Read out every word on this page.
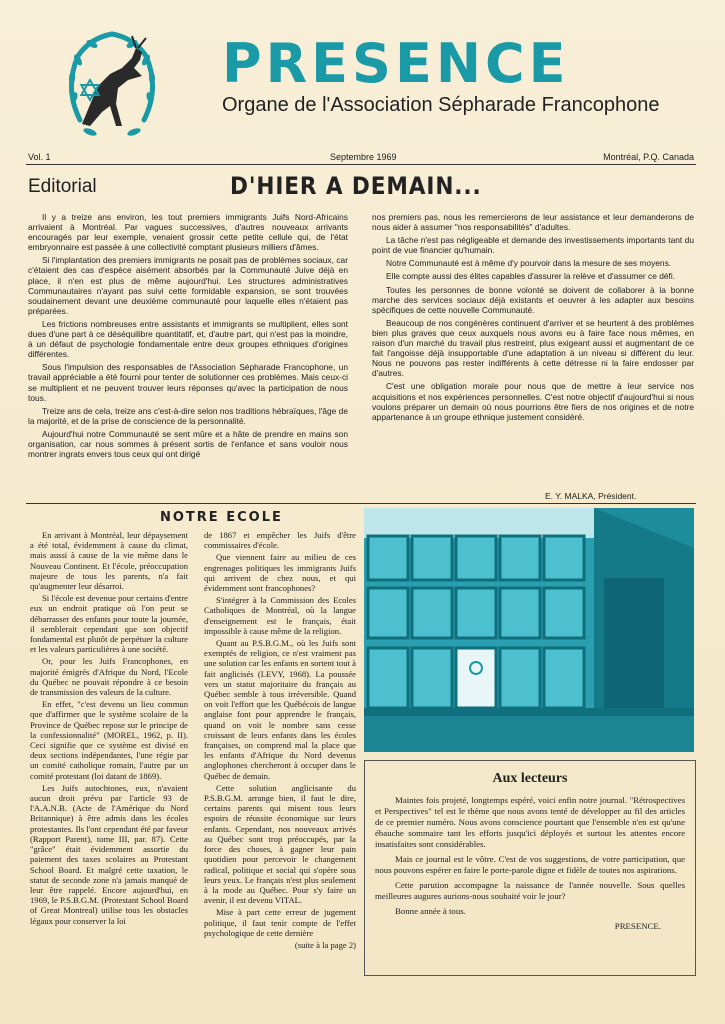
PRESENCE
Organe de l'Association Sépharade Francophone
Vol. 1	Septembre 1969	Montréal, P.Q. Canada
Editorial	D'HIER A DEMAIN...

Il y a treize ans environ, les tout premiers immigrants Juifs Nord-Africains arrivaient à Montréal. Par vagues successives, d'autres nouveaux arrivants encouragés par leur exemple, venaient grossir cette petite cellule qui, de l'état embryonnaire est passée à une collectivité comptant plusieurs milliers d'âmes.

Si l'implantation des premiers immigrants ne posait pas de problèmes sociaux, car c'étaient des cas d'espèce aisément absorbés par la Communauté Juive déjà en place, il n'en est plus de même aujourd'hui. Les structures administratives Communautaires n'ayant pas suivi cette formidable expansion, se sont trouvées soudainement devant une deuxième communauté pour laquelle elles n'étaient pas préparées.

Les frictions nombreuses entre assistants et immigrants se multiplient, elles sont dues d'une part à ce déséquilibre quantitatif, et, d'autre part, qui n'est pas la moindre, à un défaut de psychologie fondamentale entre deux groupes ethniques d'origines différentes.

Sous l'impulsion des responsables de l'Association Sépharade Francophone, un travail appréciable a été fourni pour tenter de solutionner ces problèmes. Mais ceux-ci se multiplient et ne peuvent trouver leurs réponses qu'avec la participation de nous tous.

Treize ans de cela, treize ans c'est-à-dire selon nos traditions hébraïques, l'âge de la majorité, et de la prise de conscience de la personnalité.

Aujourd'hui notre Communauté se sent mûre et a hâte de prendre en mains son organisation, car nous sommes à présent sortis de l'enfance et sans vouloir nous montrer ingrats envers tous ceux qui ont dirigé

nos premiers pas, nous les remercierons de leur assistance et leur demanderons de nous aider à assumer "nos responsabilités" d'adultes.

La tâche n'est pas négligeable et demande des investissements importants tant du point de vue financier qu'humain.

Notre Communauté est à même d'y pourvoir dans la mesure de ses moyens.

Elle compte aussi des élites capables d'assurer la relève et d'assumer ce défi.

Toutes les personnes de bonne volonté se doivent de collaborer à la bonne marche des services sociaux déjà existants et oeuvrer à les adapter aux besoins spécifiques de cette nouvelle Communauté.

Beaucoup de nos congénères continuent d'arriver et se heurtent à des problèmes bien plus graves que ceux auxquels nous avons eu à faire face nous mêmes, en raison d'un marché du travail plus restreint, plus exigeant aussi et augmentant de ce fait l'angoisse déjà insupportable d'une adaptation à un niveau si différent du leur. Nous ne pouvons pas rester indifférents à cette détresse ni la faire endosser par d'autres.

C'est une obligation morale pour nous que de mettre à leur service nos acquisitions et nos expériences personnelles. C'est notre objectif d'aujourd'hui si nous voulons préparer un demain où nous pourrions être fiers de nos origines et de notre appartenance à un groupe ethnique justement considéré.

E. Y. MALKA, Président.
NOTRE ECOLE

En arrivant à Montréal, leur dépaysement a été total, évidemment à cause du climat, mais aussi à cause de la vie même dans le Nouveau Continent. Et l'école, préoccupation majeure de tous les parents, n'a fait qu'augmenter leur désarroi.

Si l'école est devenue pour certains d'entre eux un endroit pratique où l'on peut se débarrasser des enfants pour toute la journée, il semblerait cependant que son objectif fondamental est plutôt de perpétuer la culture et les valeurs particulières à une société.

Or, pour les Juifs Francophones, en majorité émigrés d'Afrique du Nord, l'Ecole du Québec ne pouvait répondre à ce besoin de transmission des valeurs de la culture.

En effet, "c'est devenu un lieu commun que d'affirmer que le système scolaire de la Province de Québec repose sur le principe de la confessionnalité" (MOREL, 1962, p. II). Ceci signifie que ce système est divisé en deux sections indépendantes, l'une régie par un comité catholique romain, l'autre par un comité protestant (loi datant de 1869).

Les Juifs autochtones, eux, n'avaient aucun droit prévu par l'article 93 de l'A.A.N.B. (Acte de l'Amérique du Nord Britannique) à être admis dans les écoles protestantes. Ils l'ont cependant été par faveur (Rapport Parent), tome III, par. 87). Cette "grâce" était évidemment assortie du paiement des taxes scolaires au Protestant School Board. Et malgré cette taxation, le statut de seconde zone n'a jamais manqué de leur être rappelé. Encore aujourd'hui, en 1969, le P.S.B.G.M. (Protestant School Board of Great Montreal) utilise tous les obstacles légaux pour conserver la loi

de 1867 et empêcher les Juifs d'être commissaires d'école.

Que viennent faire au milieu de ces engrenages politiques les immigrants Juifs qui arrivent de chez nous, et qui évidemment sont francophones?

S'intégrer à la Commission des Ecoles Catholiques de Montréal, où la langue d'enseignement est le français, était impossible à cause même de la religion.

Quant au P.S.B.G.M., où les Juifs sont exemptés de religion, ce n'est vraiment pas une solution car les enfants en sortent tout à fait anglicisés (LEVY, 1968). La poussée vers un statut majoritaire du français au Québec semble à tous irréversible. Quand on voit l'effort que les Québécois de langue anglaise font pour apprendre le français, quand on voit le nombre sans cesse croissant de leurs enfants dans les écoles françaises, on comprend mal la place que les enfants d'Afrique du Nord devenus anglophones chercheront à occuper dans le Québec de demain.

Cette solution anglicisante du P.S.B.G.M. arrange bien, il faut le dire, certains parents qui misent tous leurs espoirs de réussite économique sur leurs enfants. Cependant, nos nouveaux arrivés au Québec sont trop préoccupés, par la force des choses, à gagner leur pain quotidien pour percevoir le changement radical, politique et social qui s'opère sous leurs yeux. Le français n'est plus seulement à la mode au Québec. Pour s'y faire un avenir, il est devenu VITAL.

Mise à part cette erreur de jugement politique, il faut tenir compte de l'effet psychologique de cette dernière

(suite à la page 2)

Aux lecteurs

Maintes fois projeté, longtemps espéré, voici enfin notre journal. "Rétrospectives et Perspectives" tel est le thème que nous avons tenté de développer au fil des articles de ce premier numéro. Nous avons conscience pourtant que l'ensemble n'en est qu'une ébauche sommaire tant les efforts jusqu'ici déployés et surtout les attentes encore insatisfaites sont considérables.

Mais ce journal est le vôtre. C'est de vos suggestions, de votre participation, que nous pouvons espérer en faire le porte-parole digne et fidèle de toutes nos aspirations.

Cette parution accompagne la naissance de l'année nouvelle. Sous quelles meilleures augures aurions-nous souhaité voir le jour?

Bonne année à tous.

PRESENCE.
